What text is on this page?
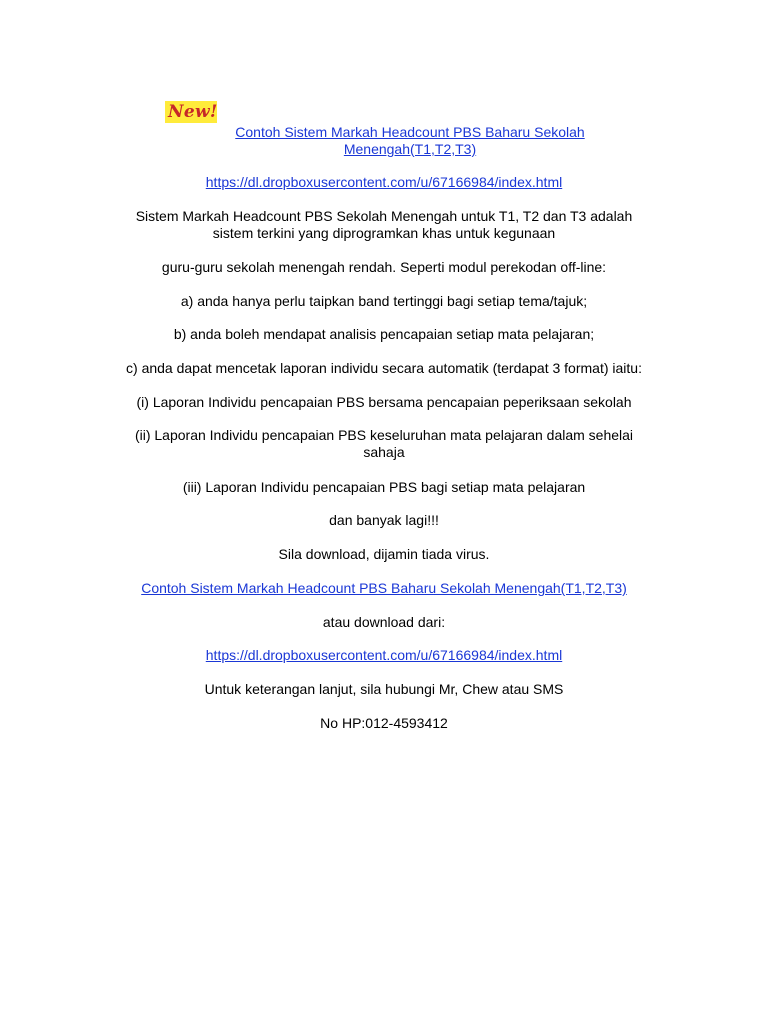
New!
Contoh Sistem Markah Headcount PBS Baharu Sekolah
Menengah(T1,T2,T3)
https://dl.dropboxusercontent.com/u/67166984/index.html
Sistem Markah Headcount PBS Sekolah Menengah untuk T1, T2 dan T3 adalah
sistem terkini yang diprogramkan khas untuk kegunaan
guru-guru sekolah menengah rendah. Seperti modul perekodan off-line:
a) anda hanya perlu taipkan band tertinggi bagi setiap tema/tajuk;
b) anda boleh mendapat analisis pencapaian setiap mata pelajaran;
c) anda dapat mencetak laporan individu secara automatik (terdapat 3 format) iaitu:
(i) Laporan Individu pencapaian PBS bersama pencapaian peperiksaan sekolah
(ii) Laporan Individu pencapaian PBS keseluruhan mata pelajaran dalam sehelai
sahaja
(iii) Laporan Individu pencapaian PBS bagi setiap mata pelajaran
dan banyak lagi!!!
Sila download, dijamin tiada virus.
Contoh Sistem Markah Headcount PBS Baharu Sekolah Menengah(T1,T2,T3)
atau download dari:
https://dl.dropboxusercontent.com/u/67166984/index.html
Untuk keterangan lanjut, sila hubungi Mr, Chew atau SMS
No HP:012-4593412
